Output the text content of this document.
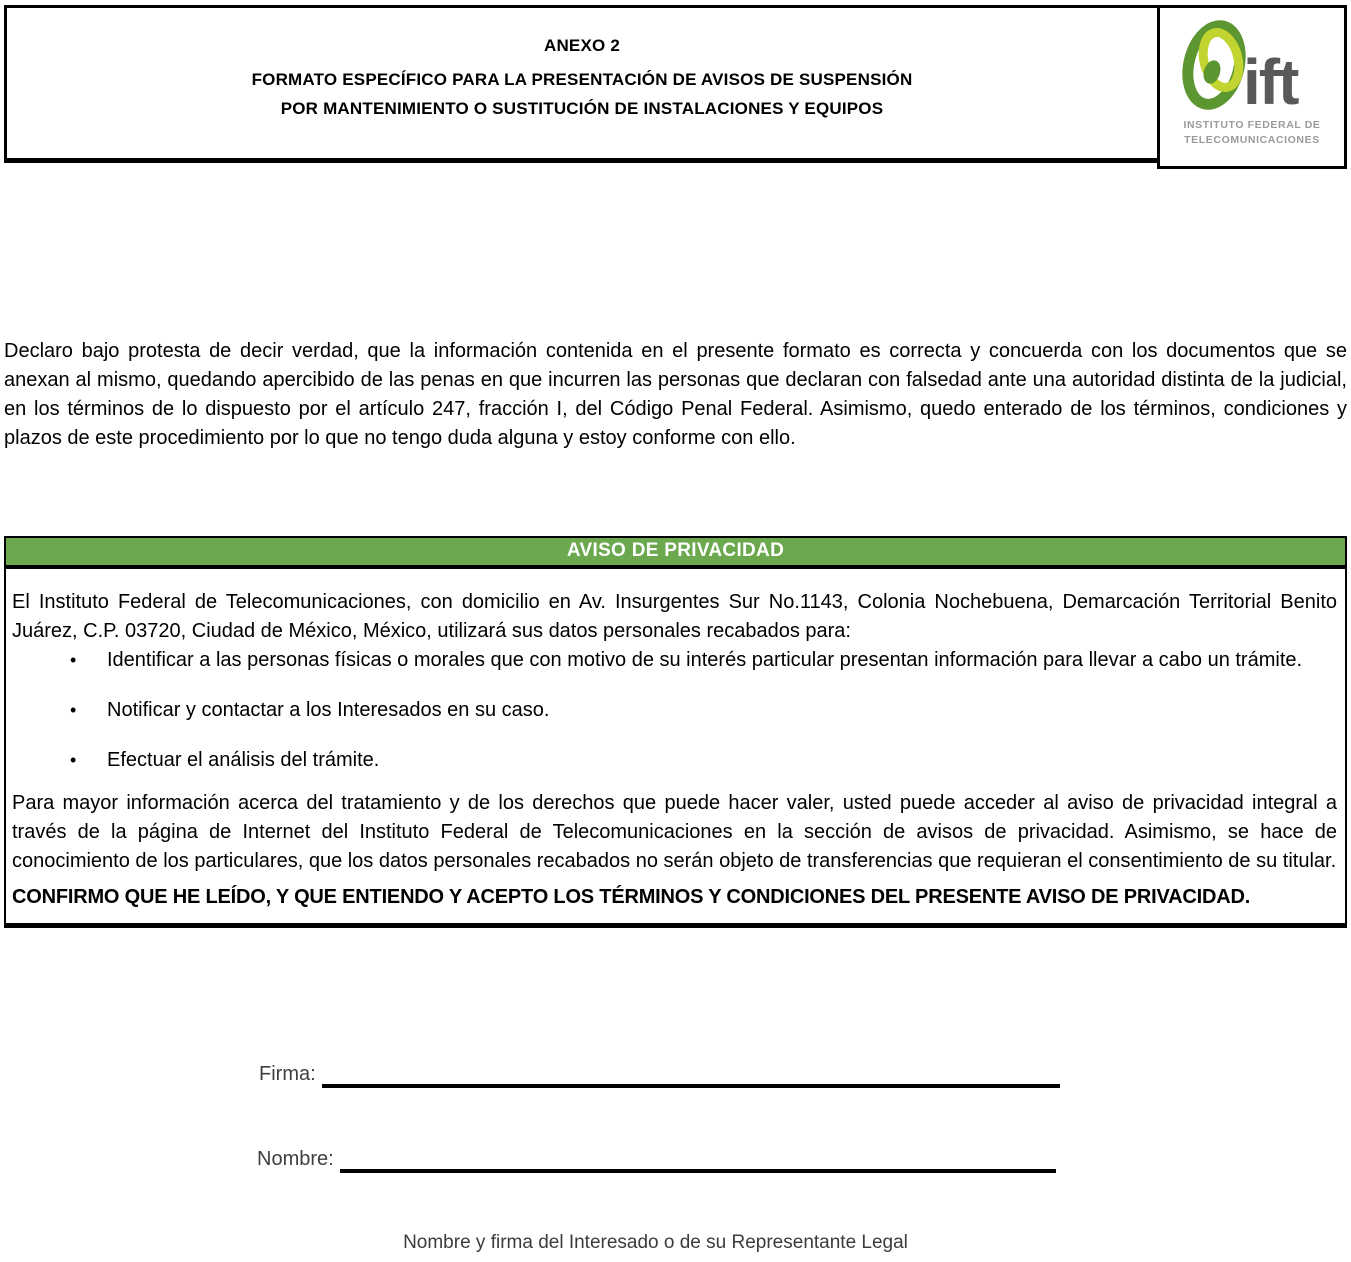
ANEXO 2
FORMATO ESPECÍFICO PARA LA PRESENTACIÓN DE AVISOS DE SUSPENSIÓN
POR MANTENIMIENTO O SUSTITUCIÓN DE INSTALACIONES Y EQUIPOS	ift
INSTITUTO FEDERAL DE
TELECOMUNICACIONES

Declaro bajo protesta de decir verdad, que la información contenida en el presente formato es correcta y concuerda con los documentos que se anexan al mismo, quedando apercibido de las penas en que incurren las personas que declaran con falsedad ante una autoridad distinta de la judicial, en los términos de lo dispuesto por el artículo 247, fracción I, del Código Penal Federal. Asimismo, quedo enterado de los términos, condiciones y plazos de este procedimiento por lo que no tengo duda alguna y estoy conforme con ello.

AVISO DE PRIVACIDAD

El Instituto Federal de Telecomunicaciones, con domicilio en Av. Insurgentes Sur No.1143, Colonia Nochebuena, Demarcación Territorial Benito Juárez, C.P. 03720, Ciudad de México, México, utilizará sus datos personales recabados para:

• Identificar a las personas físicas o morales que con motivo de su interés particular presentan información para llevar a cabo un trámite.
• Notificar y contactar a los Interesados en su caso.
• Efectuar el análisis del trámite.

Para mayor información acerca del tratamiento y de los derechos que puede hacer valer, usted puede acceder al aviso de privacidad integral a través de la página de Internet del Instituto Federal de Telecomunicaciones en la sección de avisos de privacidad. Asimismo, se hace de conocimiento de los particulares, que los datos personales recabados no serán objeto de transferencias que requieran el consentimiento de su titular.

CONFIRMO QUE HE LEÍDO, Y QUE ENTIENDO Y ACEPTO LOS TÉRMINOS Y CONDICIONES DEL PRESENTE AVISO DE PRIVACIDAD.

Firma:
Nombre:
Nombre y firma del Interesado o de su Representante Legal
